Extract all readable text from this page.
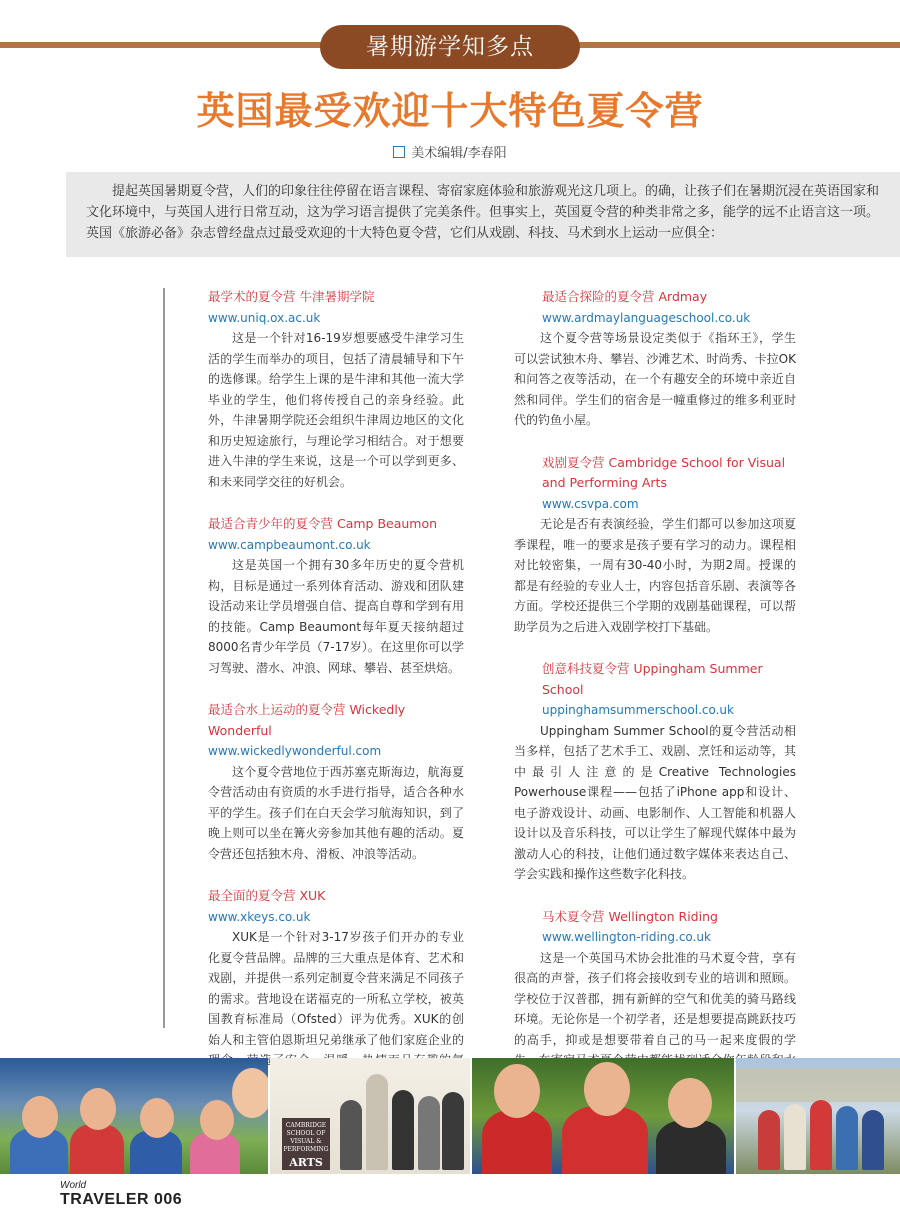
暑期游学知多点
英国最受欢迎十大特色夏令营
美术编辑/李春阳
提起英国暑期夏令营，人们的印象往往停留在语言课程、寄宿家庭体验和旅游观光这几项上。的确，让孩子们在暑期沉浸在英语国家和文化环境中，与英国人进行日常互动，这为学习语言提供了完美条件。但事实上，英国夏令营的种类非常之多，能学的远不止语言这一项。英国《旅游必备》杂志曾经盘点过最受欢迎的十大特色夏令营，它们从戏剧、科技、马术到水上运动一应俱全：
最学术的夏令营 牛津暑期学院
www.uniq.ox.ac.uk
这是一个针对16-19岁想要感受牛津学习生活的学生而举办的项目，包括了清晨辅导和下午的选修课。给学生上课的是牛津和其他一流大学毕业的学生，他们将传授自己的亲身经验。此外，牛津暑期学院还会组织牛津周边地区的文化和历史短途旅行，与理论学习相结合。对于想要进入牛津的学生来说，这是一个可以学到更多、和未来同学交往的好机会。
最适合青少年的夏令营 Camp Beaumon
www.campbeaumont.co.uk
这是英国一个拥有30多年历史的夏令营机构，目标是通过一系列体育活动、游戏和团队建设活动来让学员增强自信、提高自尊和学到有用的技能。Camp Beaumont每年夏天接纳超过8000名青少年学员（7-17岁）。在这里你可以学习驾驶、潜水、冲浪、网球、攀岩、甚至烘焙。
最适合水上运动的夏令营 Wickedly Wonderful
www.wickedlywonderful.com
这个夏令营地位于西苏塞克斯海边，航海夏令营活动由有资质的水手进行指导，适合各种水平的学生。孩子们在白天会学习航海知识，到了晚上则可以坐在篝火旁参加其他有趣的活动。夏令营还包括独木舟、滑板、冲浪等活动。
最全面的夏令营 XUK
www.xkeys.co.uk
XUK是一个针对3-17岁孩子们开办的专业化夏令营品牌。品牌的三大重点是体育、艺术和戏剧，并提供一系列定制夏令营来满足不同孩子的需求。营地设在诺福克的一所私立学校，被英国教育标准局（Ofsted）评为优秀。XUK的创始人和主管伯恩斯坦兄弟继承了他们家庭企业的
最适合探险的夏令营 Ardmay
www.ardmaylanguageschool.co.uk
这个夏令营等场景设定类似于《指环王》，学生可以尝试独木舟、攀岩、沙滩艺术、时尚秀、卡拉OK和问答之夜等活动，在一个有趣安全的环境中亲近自然和同伴。学生们的宿舍是一幢重修过的维多利亚时代的钓鱼小屋。
戏剧夏令营 Cambridge School for Visual and Performing Arts
www.csvpa.com
无论是否有表演经验，学生们都可以参加这项夏季课程，唯一的要求是孩子要有学习的动力。课程相对比较密集，一周有30-40小时，为期2周。授课的都是有经验的专业人士，内容包括音乐剧、表演等各方面。学校还提供三个学期的戏剧基础课程，可以帮助学员为之后进入戏剧学校打下基础。
创意科技夏令营 Uppingham Summer School
uppinghamsummerschool.co.uk
Uppingham Summer School的夏令营活动相当多样，包括了艺术手工、戏剧、烹饪和运动等，其中最引人注意的是Creative Technologies Powerhouse课程——包括了iPhone app和设计、电子游戏设计、动画、电影制作、人工智能和机器人设计以及音乐科技，可以让学生了解现代媒体中最为激动人心的科技，让他们通过数字媒体来表达自己、学会实践和操作这些数字化科技。
马术夏令营 Wellington Riding
www.wellington-riding.co.uk
这是一个英国马术协会批准的马术夏令营，享有很高的声誉，孩子们将会接收到专业的培训和照顾。学校位于汉普郡，拥有新鲜的空气和优美的骑马路线环境。无论你是一个初学者，还是想要提高跳跃技巧的高手，抑或是想要带着自己的马一起来度假的学 你年
CAMBRIDGE SCHOOL OF VISUAL & PERFORMING
ARTS
World
TRAVELER 006
